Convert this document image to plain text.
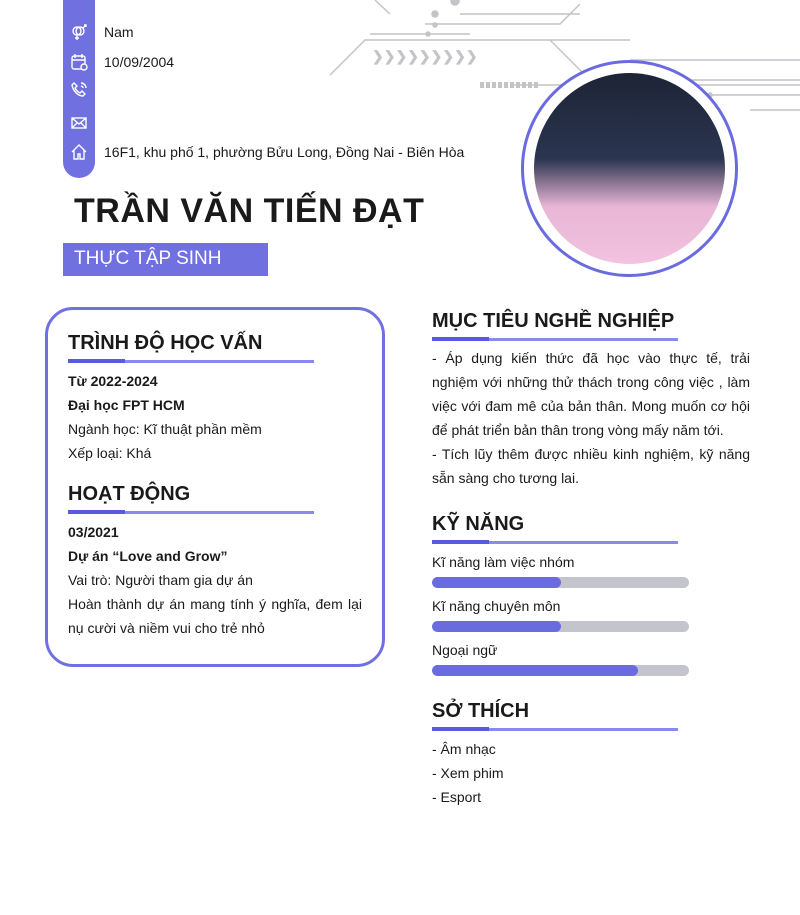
Nam
10/09/2004
16F1, khu phố 1, phường Bửu Long, Đồng Nai - Biên Hòa
❯❯❯❯❯❯❯❯❯
TRẦN VĂN TIẾN ĐẠT
THỰC TẬP SINH
TRÌNH ĐỘ HỌC VẤN
Từ 2022-2024
Đại học FPT HCM
Ngành học: Kĩ thuật phần mềm
Xếp loại: Khá
HOẠT ĐỘNG
03/2021
Dự án “Love and Grow”
Vai trò: Người tham gia dự án
Hoàn thành dự án mang tính ý nghĩa, đem lại nụ cười và niềm vui cho trẻ nhỏ
MỤC TIÊU NGHỀ NGHIỆP
- Áp dụng kiến thức đã học vào thực tế, trải nghiệm với những thử thách trong công việc , làm việc với đam mê của bản thân. Mong muốn cơ hội để phát triển bản thân trong vòng mấy năm tới.
- Tích lũy thêm được nhiều kinh nghiệm, kỹ năng sẵn sàng cho tương lai.
KỸ NĂNG
Kĩ năng làm việc nhóm
Kĩ năng chuyên môn
Ngoại ngữ
SỞ THÍCH
- Âm nhạc
- Xem phim
- Esport
